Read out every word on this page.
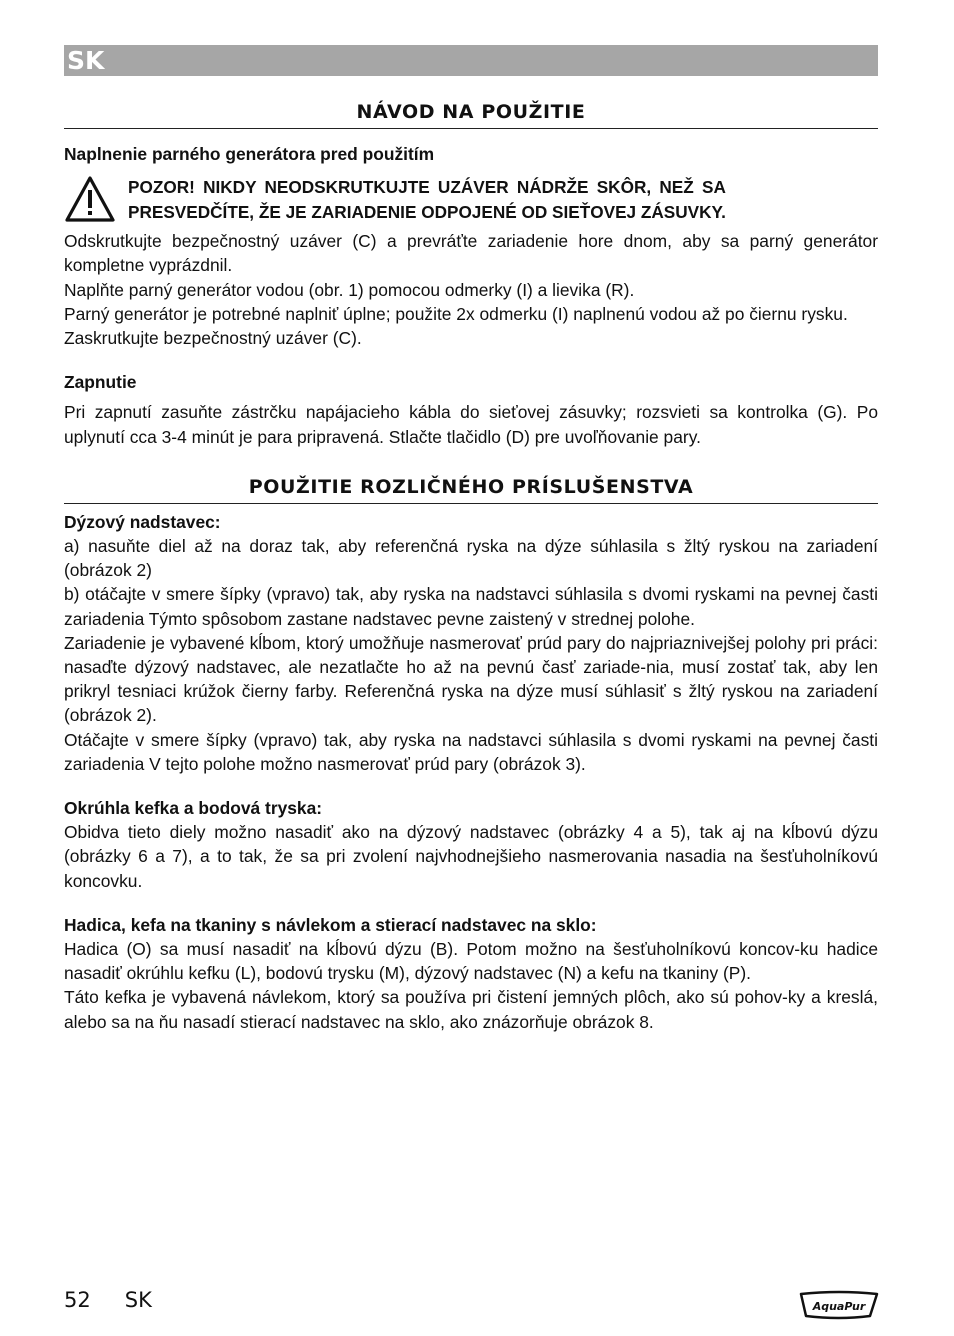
SK
NÁVOD NA POUŽITIE
Naplnenie parného generátora pred použitím
POZOR! NIKDY NEODSKRUTKUJTE UZÁVER NÁDRŽE SKÔR, NEŽ SA
PRESVEDČÍTE, ŽE JE ZARIADENIE ODPOJENÉ OD SIEŤOVEJ ZÁSUVKY.

Odskrutkujte bezpečnostný uzáver (C) a prevráťte zariadenie hore dnom, aby sa parný generátor kompletne vyprázdnil.

Naplňte parný generátor vodou (obr. 1) pomocou odmerky (I) a lievika (R).

Parný generátor je potrebné naplniť úplne; použite 2x odmerku (I) naplnenú vodou až po čiernu rysku.

Zaskrutkujte bezpečnostný uzáver (C).

Zapnutie

Pri zapnutí zasuňte zástrčku napájacieho kábla do sieťovej zásuvky; rozsvieti sa kontrolka (G). Po uplynutí cca 3-4 minút je para pripravená. Stlačte tlačidlo (D) pre uvoľňovanie pary.

POUŽITIE ROZLIČNÉHO PRÍSLUŠENSTVA
Dýzový nadstavec:

a) nasuňte diel až na doraz tak, aby referenčná ryska na dýze súhlasila s žltý ryskou na zariadení (obrázok 2)

b) otáčajte v smere šípky (vpravo) tak, aby ryska na nadstavci súhlasila s dvomi ryskami na pevnej časti zariadenia Týmto spôsobom zastane nadstavec pevne zaistený v strednej polohe.

Zariadenie je vybavené kĺbom, ktorý umožňuje nasmerovať prúd pary do najpriaznivejšej polohy pri práci: nasaďte dýzový nadstavec, ale nezatlačte ho až na pevnú časť zariade-nia, musí zostať tak, aby len prikryl tesniaci krúžok čierny farby. Referenčná ryska na dýze musí súhlasiť s žltý ryskou na zariadení (obrázok 2).

Otáčajte v smere šípky (vpravo) tak, aby ryska na nadstavci súhlasila s dvomi ryskami na pevnej časti zariadenia V tejto polohe možno nasmerovať prúd pary (obrázok 3).

Okrúhla kefka a bodová tryska:

Obidva tieto diely možno nasadiť ako na dýzový nadstavec (obrázky 4 a 5), tak aj na kĺbovú dýzu (obrázky 6 a 7), a to tak, že sa pri zvolení najvhodnejšieho nasmerovania nasadia na šesťuholníkovú koncovku.

Hadica, kefa na tkaniny s návlekom a stierací nadstavec na sklo:

Hadica (O) sa musí nasadiť na kĺbovú dýzu (B). Potom možno na šesťuholníkovú koncov-ku hadice nasadiť okrúhlu kefku (L), bodovú trysku (M), dýzový nadstavec (N) a kefu na tkaniny (P).

Táto kefka je vybavená návlekom, ktorý sa používa pri čistení jemných plôch, ako sú pohov-ky a kreslá, alebo sa na ňu nasadí stierací nadstavec na sklo, ako znázorňuje obrázok 8.

52 SK	AquaPur
